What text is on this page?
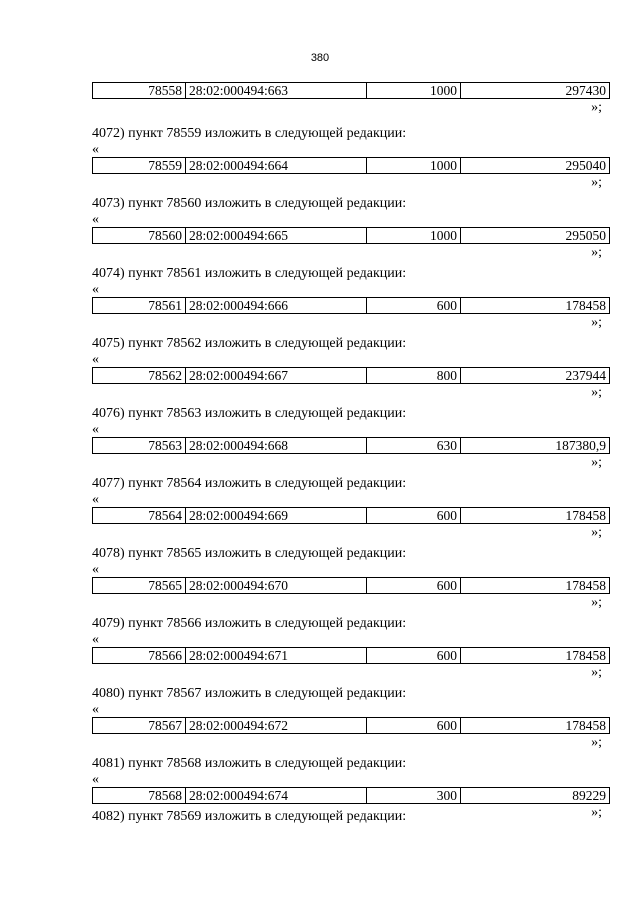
380
78558 28:02:000494:663	1000	297430
»;
4072) пункт 78559 изложить в следующей редакции:
«
78559 28:02:000494:664	1000	295040
»;
4073) пункт 78560 изложить в следующей редакции:
«
78560 28:02:000494:665	1000	295050
»;
4074) пункт 78561 изложить в следующей редакции:
«
78561 28:02:000494:666	600	178458
»;
4075) пункт 78562 изложить в следующей редакции:
«
78562 28:02:000494:667	800	237944
»;
4076) пункт 78563 изложить в следующей редакции:
«
78563 28:02:000494:668	630	187380,9
»;
4077) пункт 78564 изложить в следующей редакции:
«
78564 28:02:000494:669	600	178458
»;
4078) пункт 78565 изложить в следующей редакции:
«
78565 28:02:000494:670	600	178458
»;
4079) пункт 78566 изложить в следующей редакции:
«
78566 28:02:000494:671	600	178458
»;
4080) пункт 78567 изложить в следующей редакции:
«
78567 28:02:000494:672	600	178458
»;
4081) пункт 78568 изложить в следующей редакции:
«
78568 28:02:000494:674	300	89229
»;
4082) пункт 78569 изложить в следующей редакции:
